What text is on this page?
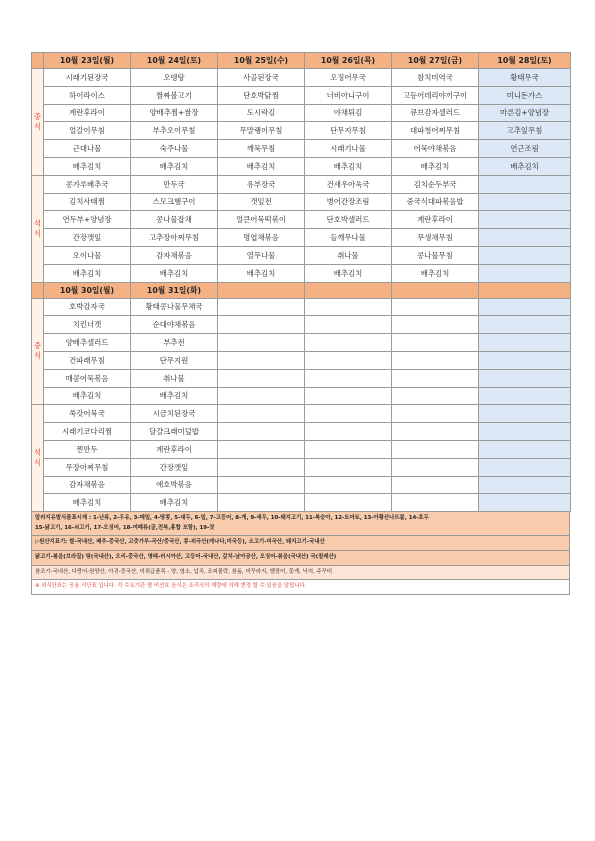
	10월 23일(월)	10월 24일(토)	10월 25일(수)	10월 26일(목)	10월 27일(금)	10월 28일(토)
중
식	시래기된장국	오뎅탕	사골된장국	오징어무국	참치미역국	황태무국
	하이라이스	짬짜볼고기	단호박닭찜	너비아니구이	고등어데리야끼구이	미니돈가스
	계란후라이	양배추찜+쌈장	도시락김	야채튀김	큐브감자샐러드	마른김+양념장
	얼갈이무침	부추오이무침	무말랭이무침	단무지무침	대파청어찌무침	고추잎무침
	근대나물	숙주나물	깨묵무침	시래기나물	어묵야채볶음	연근조림
	배추김치	배추김치	배추김치	배추김치	배추김치	배추김치
석
식	콩가루배추국	만두국	유부장국	건새우아욱국	김치순두부국	
	김치사태찜	스모크햄구이	갯잎전	병어간장조림	중국식대파볶음밥	
	연두부+양념장	콩나물잡채	얼큰어묵떡볶이	단호박샐러드	계란후라이	
	간장깻잎	고추장아찌무침	명엽채볶음	들깨무나물	무생채무침	
	오이나물	감자채볶음	열무나물	취나물	콩나물무침	
	배추김치	배추김치	배추김치	배추김치	배추김치	
	10월 30일(월)	10월 31일(화)				
중
식	호박감자국	황태콩나물무채국				
	치킨너겟	순대야채볶음				
	양배추샐러드	부추전				
	건파래무침	단무지원				
	매콤어묵볶음	취나물				
	배추김치	배추김치				
석
식	쑥갓어묵국	시금치된장국				
	시래기코다리찜	달걀크래미덮밥				
	찐만두	계란후라이				
	무장아찌무침	간장깻잎				
	감자채볶음	애호박볶음				
	배추김치	배추김치				
알러지유발식품표시제 : 1-난류, 2-우유, 3-메밀, 4-땅콩, 5-대두, 6-밀, 7-고등어, 8-게, 9-새우, 10-돼지고기, 11-복숭아, 12-토마토, 13-아황산나트륨, 14-호두
15-닭고기, 16-쇠고기, 17-오징어, 18-여패류(굴,전복,홍합 포함), 19-잣
▷원산지표기: 쌀-국내산, 배추-중국산, 고춧가루-국산/중국산, 콩-외국산(캐나다,미국등), 소고기-미국산, 돼지고기-국내산
닭고기-볶음(브라질) 탕(국내산), 오리-중국산, 명태-러시아산, 고등어-국내산, 갈치-남아공산, 오징어-볶음(국내산) 국(칠레산)
참조기-국내산, 다랑어-원양산, 아귀-중국산, 미취급품목 - 양, 염소, 넙치, 조피볼락, 참돔, 미꾸라지, 뱀장어, 꽃게, 낙지, 주꾸미
※ 외식단표는 공용 식단표 입니다. 각 수요기관 별 비선호 음식은 조리사의 재량에 의해 변경 할 수 있음을 알립니다.
